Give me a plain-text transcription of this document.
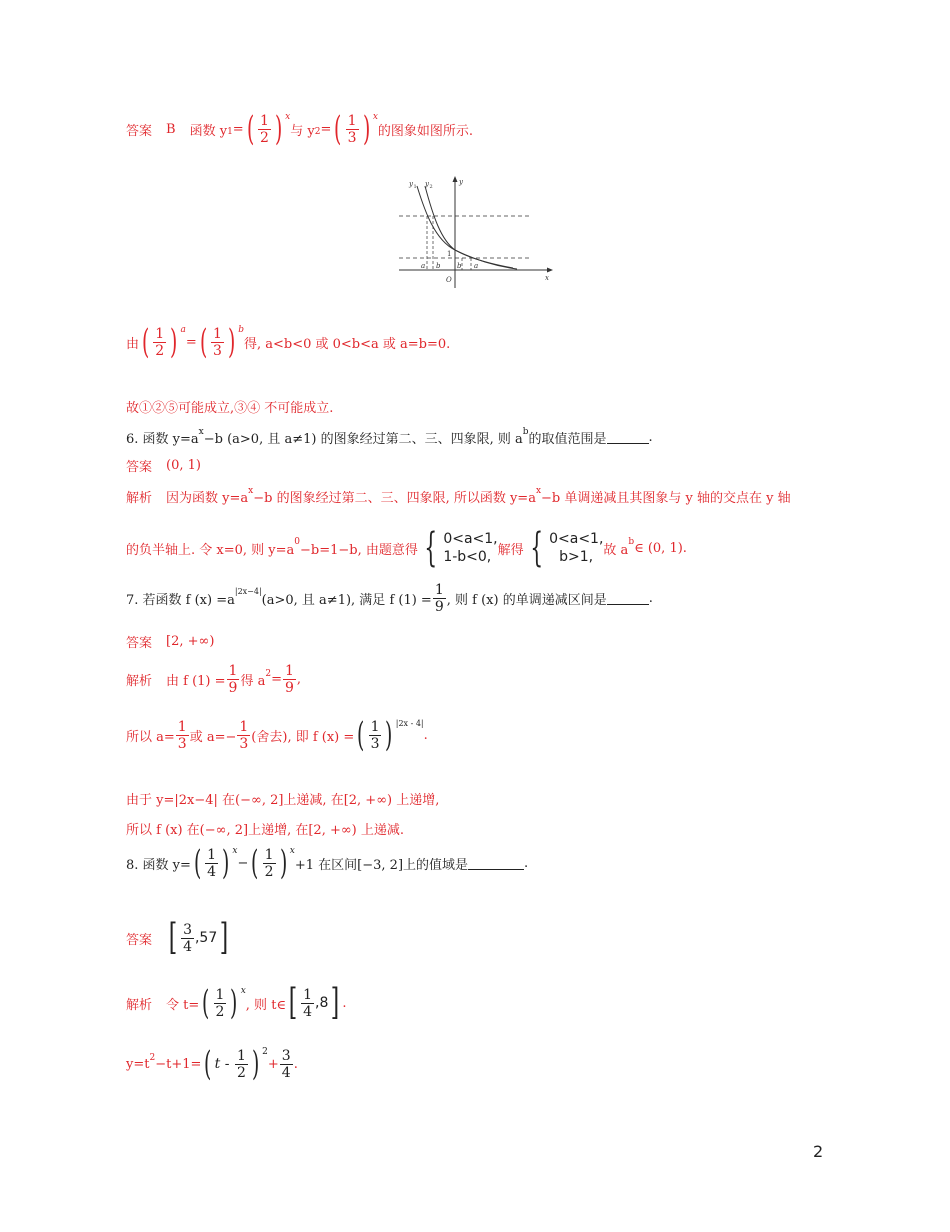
答案 B 函数 y 1 = ( $\frac{1}{2}$ ) x
与 y 2 = ( $\frac{1}{3}$ ) x
的图象如图所示.
y 1 y 2
y
x
O
1
a b b a
由 ( $\frac{1}{2}$ ) a
= ( $\frac{1}{3}$ ) b
得, a<b<0 或 0<b<a 或 a=b=0.
故①②⑤可能成立,③④ 不可能成立.
6. 函数 y=a
x
−b (a>0, 且 a≠1) 的图象经过第二、三、四象限, 则 a
b
的取值范围是	.
答案 (0, 1)
解析 因为函数 y=a
x
−b 的图象经过第二、三、四象限, 所以函数 y=a
x
−b 单调递减且其图象与 y 轴的交点在 y 轴
的负半轴上. 令 x=0, 则 y=a
0
−b=1−b, 由题意得 { 0<a<1,
1-b<0, 解得 { 0<a<1,
b>1, 故 a
b ∈ (0, 1).
7. 若函数 f (x) =a
|2x−4|
(a>0, 且 a≠1), 满足 f $(1) = \frac{1}{9}$ , 则 f (x) 的单调递减区间是	.
答案 [2, +∞)
解析 由 f $(1) = \frac{1}{9}$ 得 a
$2 = \frac{1}{9}$ ,
所以 $a= \frac{1}{3}$ 或 $a=- \frac{1}{3}$ (舍去), 即 f (x) = ( $\frac{1}{3}$ ) |2x - 4|
.
由于 y=|2x−4| 在(−∞, 2]上递减, 在[2, +∞) 上递增,
所以 f (x) 在(−∞, 2]上递增, 在[2, +∞) 上递减.
8. 函数 y= ( $\frac{1}{4}$ ) x
− ( $\frac{1}{2}$ ) x
+1 在区间[−3, 2]上的值域是	.
答案 [ $\frac{3}{4} ,57$ ]
解析 令 t= ( $\frac{1}{2}$ ) x
, 则 t∈ [ $\frac{1}{4} ,8$ ] .
y=t 2 −t+1= ( t - $\frac{1}{2}$ ) 2
+ $\frac{3}{4}$ .
2
